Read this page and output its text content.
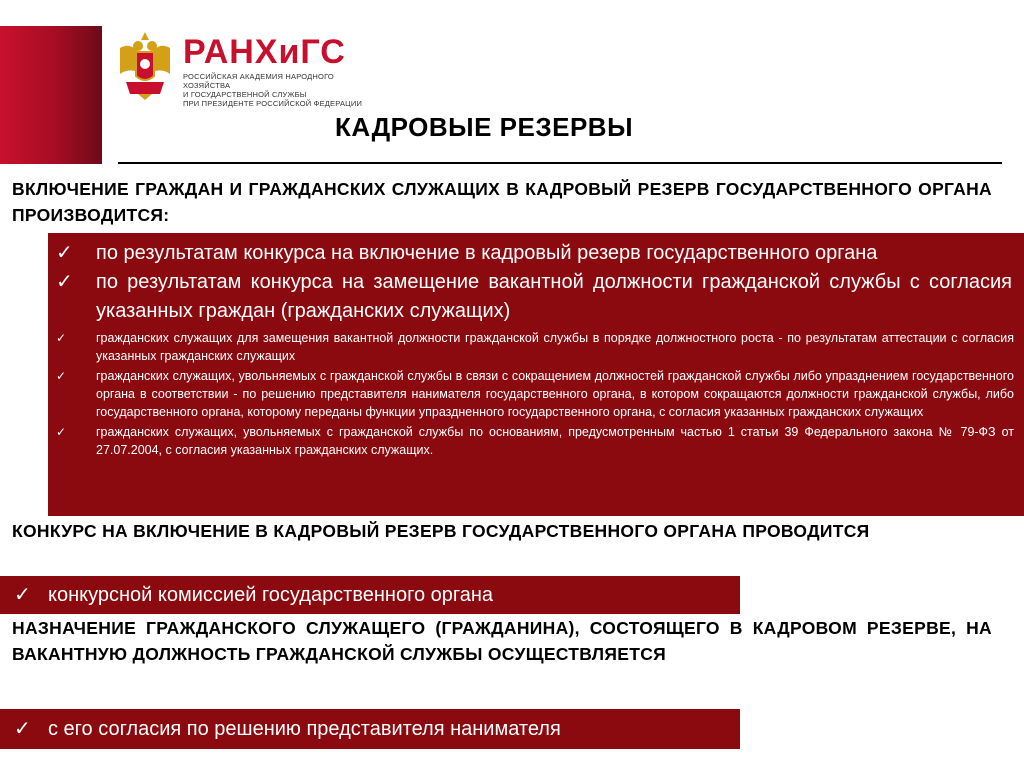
РАНХиГС
РОССИЙСКАЯ АКАДЕМИЯ НАРОДНОГО ХОЗЯЙСТВА
И ГОСУДАРСТВЕННОЙ СЛУЖБЫ
ПРИ ПРЕЗИДЕНТЕ РОССИЙСКОЙ ФЕДЕРАЦИИ
КАДРОВЫЕ РЕЗЕРВЫ
ВКЛЮЧЕНИЕ ГРАЖДАН И ГРАЖДАНСКИХ СЛУЖАЩИХ В КАДРОВЫЙ РЕЗЕРВ ГОСУДАРСТВЕННОГО ОРГАНА ПРОИЗВОДИТСЯ:
✓ по результатам конкурса на включение в кадровый резерв государственного органа
✓ по результатам конкурса на замещение вакантной должности гражданской службы с согласия указанных граждан (гражданских служащих)
✓ гражданских служащих для замещения вакантной должности гражданской службы в порядке должностного роста - по результатам аттестации с согласия указанных гражданских служащих
✓ гражданских служащих, увольняемых с гражданской службы в связи с сокращением должностей гражданской службы либо упразднением государственного органа в соответствии - по решению представителя нанимателя государственного органа, в котором сокращаются должности гражданской службы, либо государственного органа, которому переданы функции упраздненного государственного органа, с согласия указанных гражданских служащих
✓ гражданских служащих, увольняемых с гражданской службы по основаниям, предусмотренным частью 1 статьи 39 Федерального закона № 79-ФЗ от 27.07.2004, с согласия указанных гражданских служащих.
КОНКУРС НА ВКЛЮЧЕНИЕ В КАДРОВЫЙ РЕЗЕРВ ГОСУДАРСТВЕННОГО ОРГАНА ПРОВОДИТСЯ
✓ конкурсной комиссией государственного органа
НАЗНАЧЕНИЕ ГРАЖДАНСКОГО СЛУЖАЩЕГО (ГРАЖДАНИНА), СОСТОЯЩЕГО В КАДРОВОМ РЕЗЕРВЕ, НА ВАКАНТНУЮ ДОЛЖНОСТЬ ГРАЖДАНСКОЙ СЛУЖБЫ ОСУЩЕСТВЛЯЕТСЯ
✓ с его согласия по решению представителя нанимателя
